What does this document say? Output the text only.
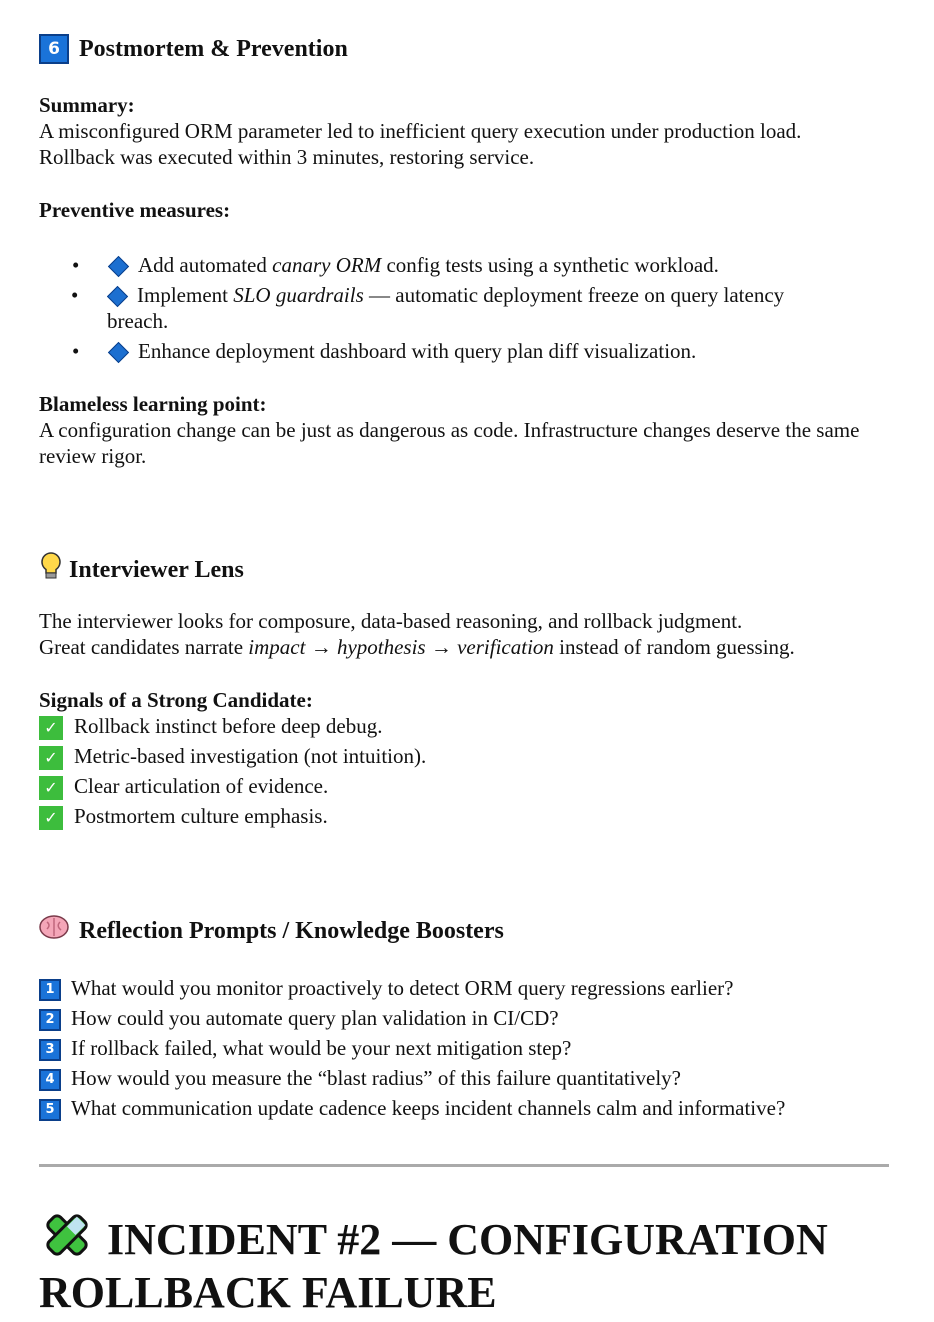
6 Postmortem & Prevention
Summary:
A misconfigured ORM parameter led to inefficient query execution under production load.
Rollback was executed within 3 minutes, restoring service.
Preventive measures:
•	Add automated canary ORM config tests using a synthetic workload.
•	Implement SLO guardrails — automatic deployment freeze on query latency breach.
•	Enhance deployment dashboard with query plan diff visualization.
Blameless learning point:
A configuration change can be just as dangerous as code. Infrastructure changes deserve the same review rigor.
Interviewer Lens
The interviewer looks for composure, data-based reasoning, and rollback judgment.
Great candidates narrate impact → hypothesis → verification instead of random guessing.
Signals of a Strong Candidate:
✓ Rollback instinct before deep debug.
✓ Metric-based investigation (not intuition).
✓ Clear articulation of evidence.
✓ Postmortem culture emphasis.
Reflection Prompts / Knowledge Boosters
1 What would you monitor proactively to detect ORM query regressions earlier?
2 How could you automate query plan validation in CI/CD?
3 If rollback failed, what would be your next mitigation step?
4 How would you measure the “blast radius” of this failure quantitatively?
5 What communication update cadence keeps incident channels calm and informative?
INCIDENT #2 — CONFIGURATION ROLLBACK FAILURE
